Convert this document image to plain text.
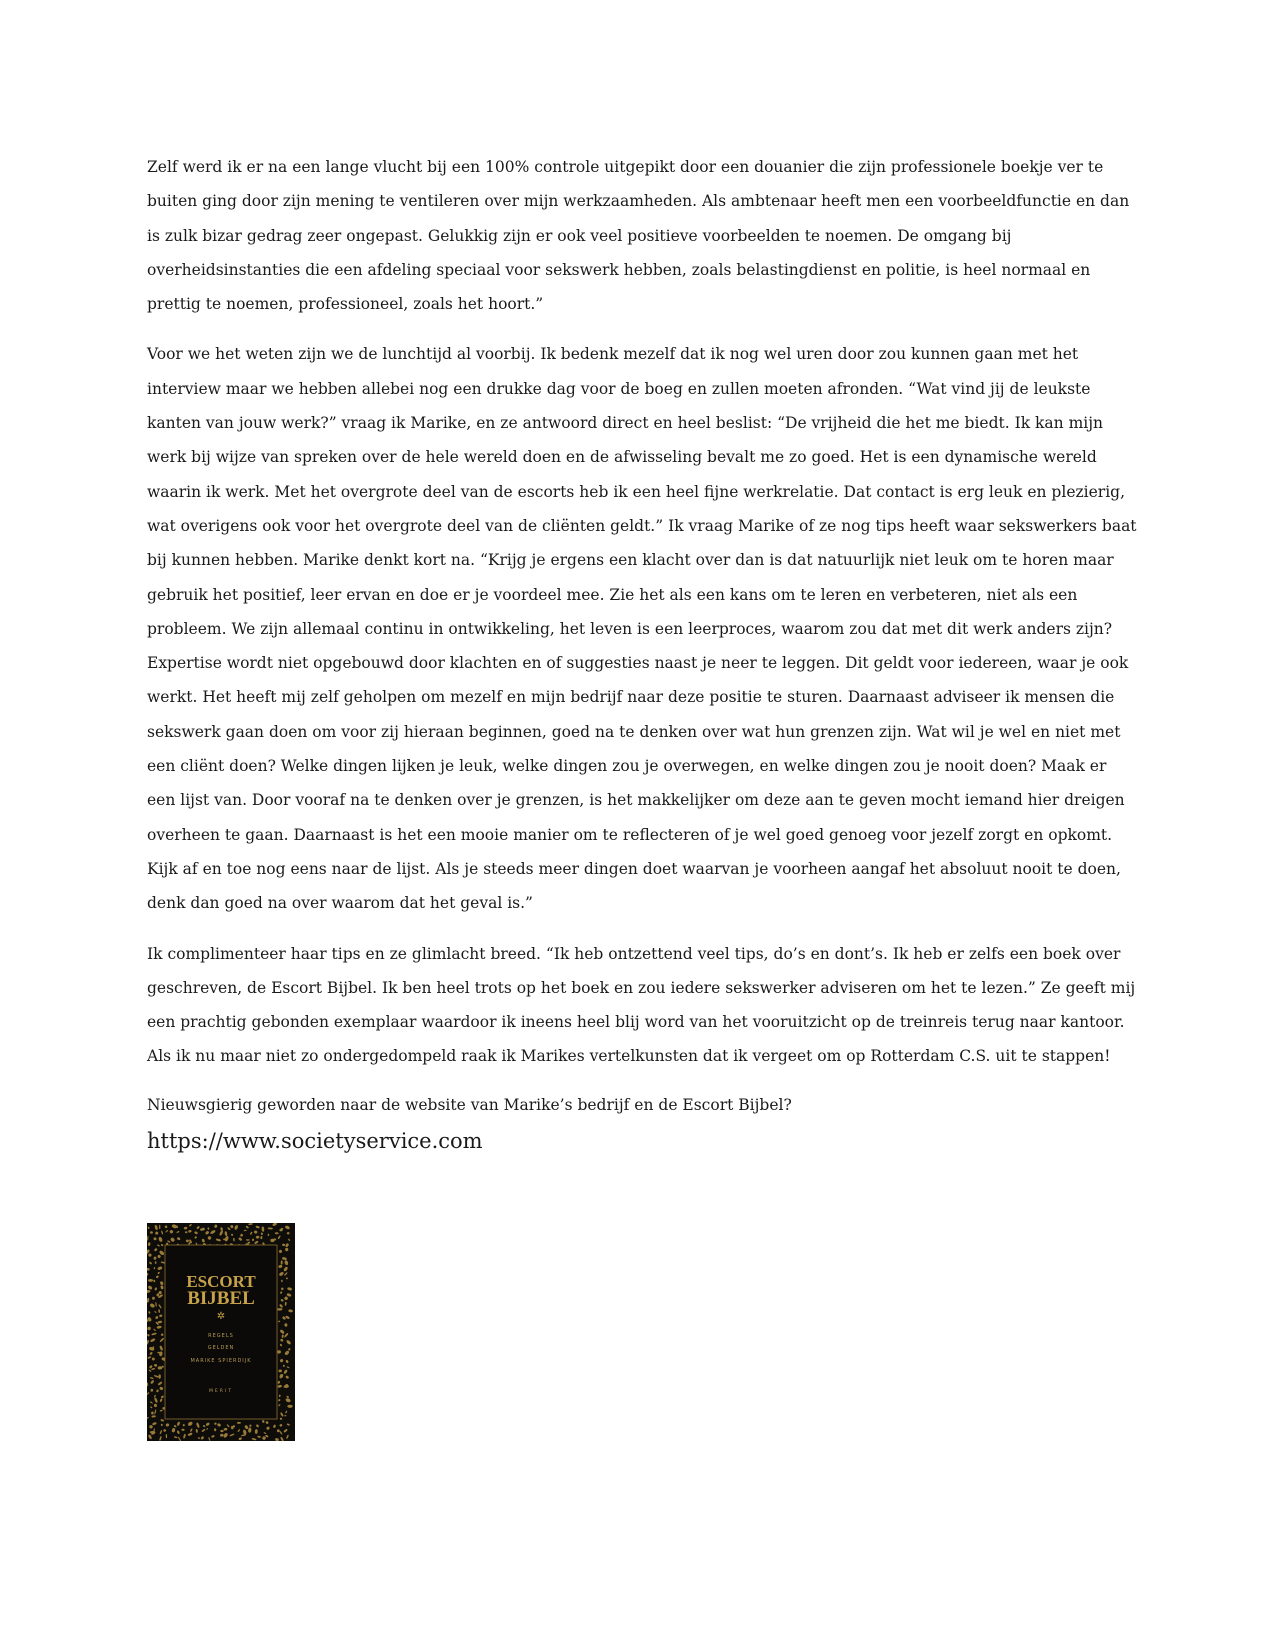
Zelf werd ik er na een lange vlucht bij een 100% controle uitgepikt door een douanier die zijn professionele boekje ver te buiten ging door zijn mening te ventileren over mijn werkzaamheden. Als ambtenaar heeft men een voorbeeldfunctie en dan is zulk bizar gedrag zeer ongepast. Gelukkig zijn er ook veel positieve voorbeelden te noemen. De omgang bij overheidsinstanties die een afdeling speciaal voor sekswerk hebben, zoals belastingdienst en politie, is heel normaal en prettig te noemen, professioneel, zoals het hoort.”

Voor we het weten zijn we de lunchtijd al voorbij. Ik bedenk mezelf dat ik nog wel uren door zou kunnen gaan met het interview maar we hebben allebei nog een drukke dag voor de boeg en zullen moeten afronden. “Wat vind jij de leukste kanten van jouw werk?” vraag ik Marike, en ze antwoord direct en heel beslist: “De vrijheid die het me biedt. Ik kan mijn werk bij wijze van spreken over de hele wereld doen en de afwisseling bevalt me zo goed. Het is een dynamische wereld waarin ik werk. Met het overgrote deel van de escorts heb ik een heel fijne werkrelatie. Dat contact is erg leuk en plezierig, wat overigens ook voor het overgrote deel van de cliënten geldt.” Ik vraag Marike of ze nog tips heeft waar sekswerkers baat bij kunnen hebben. Marike denkt kort na. “Krijg je ergens een klacht over dan is dat natuurlijk niet leuk om te horen maar gebruik het positief, leer ervan en doe er je voordeel mee. Zie het als een kans om te leren en verbeteren, niet als een probleem. We zijn allemaal continu in ontwikkeling, het leven is een leerproces, waarom zou dat met dit werk anders zijn? Expertise wordt niet opgebouwd door klachten en of suggesties naast je neer te leggen. Dit geldt voor iedereen, waar je ook werkt. Het heeft mij zelf geholpen om mezelf en mijn bedrijf naar deze positie te sturen. Daarnaast adviseer ik mensen die sekswerk gaan doen om voor zij hieraan beginnen, goed na te denken over wat hun grenzen zijn. Wat wil je wel en niet met een cliënt doen? Welke dingen lijken je leuk, welke dingen zou je overwegen, en welke dingen zou je nooit doen? Maak er een lijst van. Door vooraf na te denken over je grenzen, is het makkelijker om deze aan te geven mocht iemand hier dreigen overheen te gaan. Daarnaast is het een mooie manier om te reflecteren of je wel goed genoeg voor jezelf zorgt en opkomt. Kijk af en toe nog eens naar de lijst. Als je steeds meer dingen doet waarvan je voorheen aangaf het absoluut nooit te doen, denk dan goed na over waarom dat het geval is.”

Ik complimenteer haar tips en ze glimlacht breed. “Ik heb ontzettend veel tips, do’s en dont’s. Ik heb er zelfs een boek over geschreven, de Escort Bijbel. Ik ben heel trots op het boek en zou iedere sekswerker adviseren om het te lezen.” Ze geeft mij een prachtig gebonden exemplaar waardoor ik ineens heel blij word van het vooruitzicht op de treinreis terug naar kantoor. Als ik nu maar niet zo ondergedompeld raak ik Marikes vertelkunsten dat ik vergeet om op Rotterdam C.S. uit te stappen!

Nieuwsgierig geworden naar de website van Marike’s bedrijf en de Escort Bijbel?

https://www.societyservice.com
ESCORT
BIJBEL
✲
REGELS
GELDEN
MARIKE SPIERDIJK
MERIT
